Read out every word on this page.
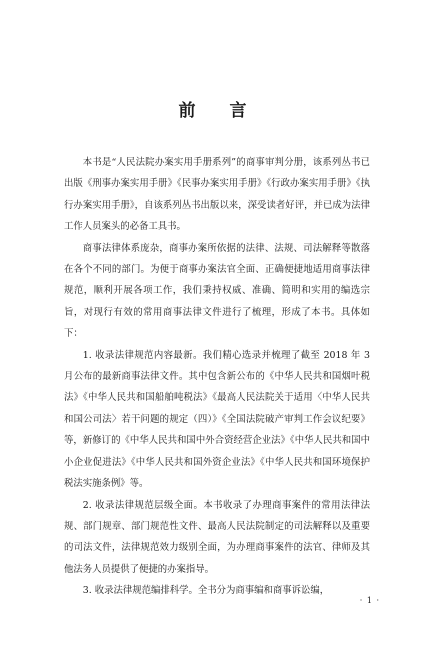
前 言

本书是“人民法院办案实用手册系列”的商事审判分册，该系列丛书已出版《刑事办案实用手册》《民事办案实用手册》《行政办案实用手册》《执行办案实用手册》，自该系列丛书出版以来，深受读者好评，并已成为法律工作人员案头的必备工具书。

商事法律体系庞杂，商事办案所依据的法律、法规、司法解释等散落在各个不同的部门。为便于商事办案法官全面、正确便捷地适用商事法律规范，顺利开展各项工作，我们秉持权威、准确、简明和实用的编选宗旨，对现行有效的常用商事法律文件进行了梳理，形成了本书。具体如下：

1. 收录法律规范内容最新。我们精心选录并梳理了截至 2018 年 3 月公布的最新商事法律文件。其中包含新公布的《中华人民共和国烟叶税法》《中华人民共和国船舶吨税法》《最高人民法院关于适用〈中华人民共和国公司法〉若干问题的规定（四）》《全国法院破产审判工作会议纪要》等，新修订的《中华人民共和国中外合资经营企业法》《中华人民共和国中小企业促进法》《中华人民共和国外资企业法》《中华人民共和国环境保护税法实施条例》等。

2. 收录法律规范层级全面。本书收录了办理商事案件的常用法律法规、部门规章、部门规范性文件、最高人民法院制定的司法解释以及重要的司法文件，法律规范效力级别全面，为办理商事案件的法官、律师及其他法务人员提供了便捷的办案指导。

3. 收录法律规范编排科学。全书分为商事编和商事诉讼编，

· 1 ·
